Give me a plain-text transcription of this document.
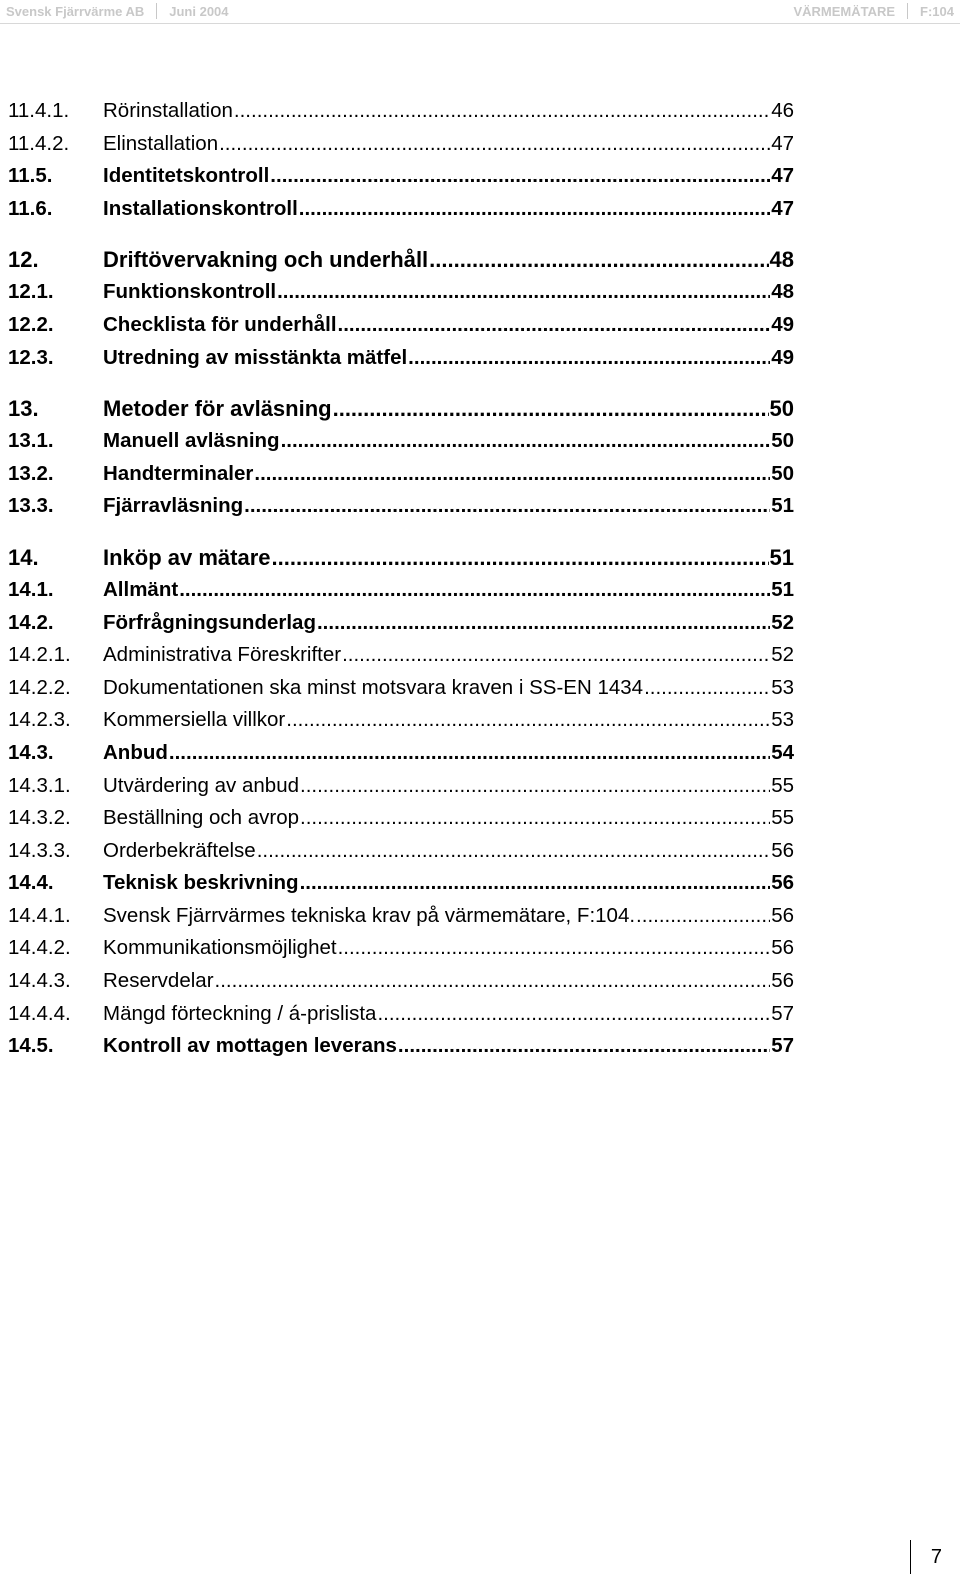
Svensk Fjärrvärme AB Juni 2004	VÄRMEMÄTARE F:104
11.4.1.	Rörinstallation .....	46
11.4.2.	Elinstallation .....	47
11.5.	Identitetskontroll .....	47
11.6.	Installationskontroll .....	47
12.	Driftövervakning och underhåll .....	48
12.1.	Funktionskontroll .....	48
12.2.	Checklista för underhåll .....	49
12.3.	Utredning av misstänkta mätfel .....	49
13.	Metoder för avläsning .....	50
13.1.	Manuell avläsning .....	50
13.2.	Handterminaler .....	50
13.3.	Fjärravläsning .....	51
14.	Inköp av mätare .....	51
14.1.	Allmänt .....	51
14.2.	Förfrågningsunderlag .....	52
14.2.1.	Administrativa Föreskrifter .....	52
14.2.2.	Dokumentationen ska minst motsvara kraven i SS-EN 1434 .....	53
14.2.3.	Kommersiella villkor .....	53
14.3.	Anbud .....	54
14.3.1.	Utvärdering av anbud .....	55
14.3.2.	Beställning och avrop .....	55
14.3.3.	Orderbekräftelse .....	56
14.4.	Teknisk beskrivning .....	56
14.4.1.	Svensk Fjärrvärmes tekniska krav på värmemätare, F:104. .....	56
14.4.2.	Kommunikationsmöjlighet .....	56
14.4.3.	Reservdelar .....	56
14.4.4.	Mängd förteckning / á-prislista .....	57
14.5.	Kontroll av mottagen leverans .....	57
7
